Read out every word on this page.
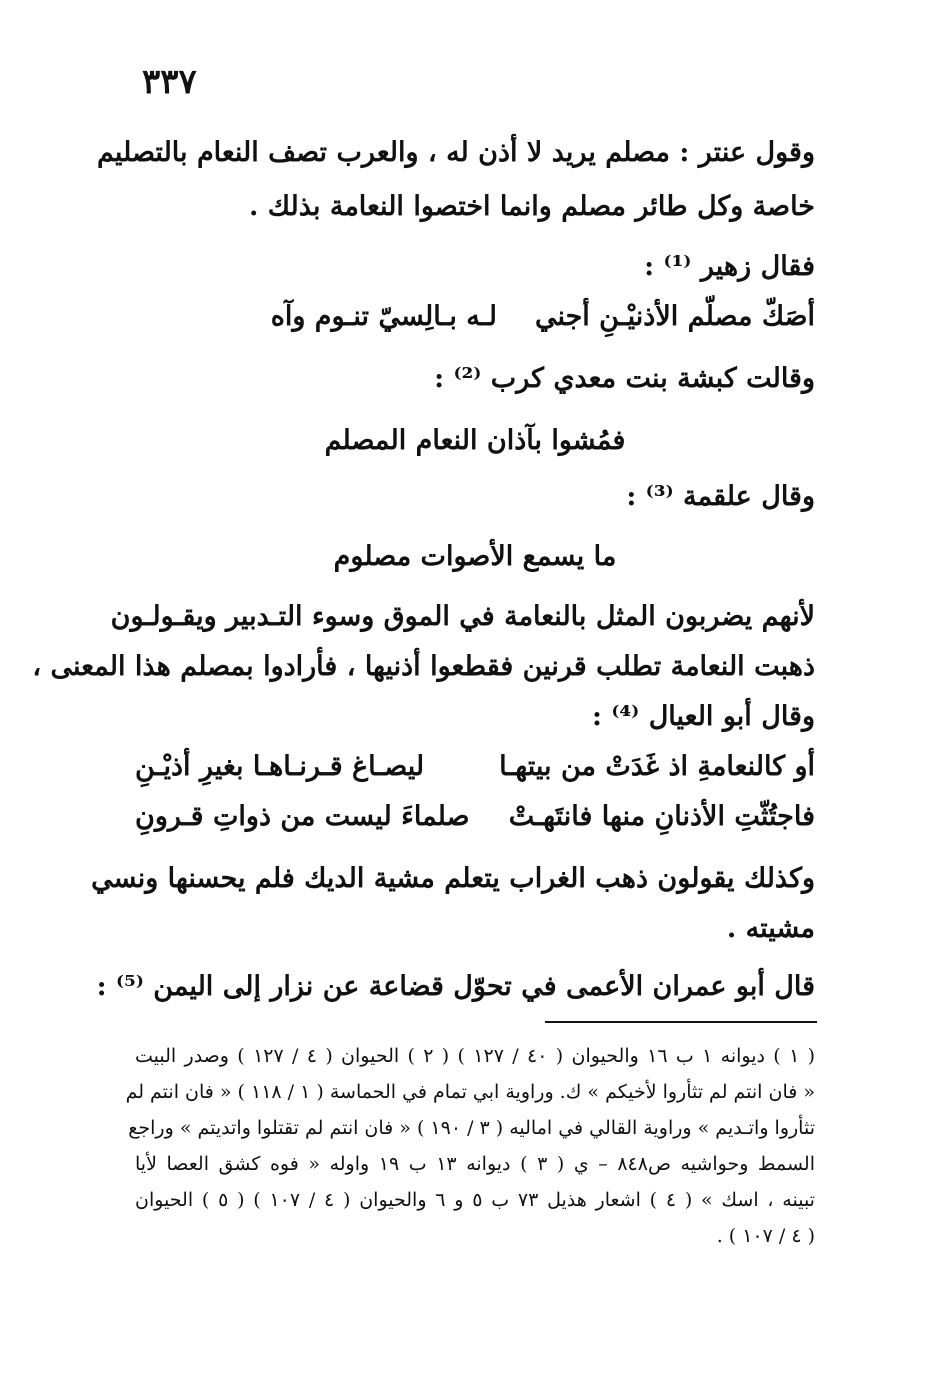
٣٣٧
وقول عنتر : مصلم يريد لا أذن له ، والعرب تصف النعام بالتصليم
خاصة وكل طائر مصلم وانما اختصوا النعامة بذلك .
فقال زهير ⁽¹⁾ :
أصَكّ مصلّم الأذنيْـنِ أجني
لـه بـالِسيّ تنـوم وآه
وقالت كبشة بنت معدي كرب ⁽²⁾ :
فمُشوا بآذان النعام المصلم
وقال علقمة ⁽³⁾ :
ما يسمع الأصوات مصلوم
لأنهم يضربون المثل بالنعامة في الموق وسوء التـدبير ويقـولـون
ذهبت النعامة تطلب قرنين فقطعوا أذنيها ، فأرادوا بمصلم هذا المعنى ،
وقال أبو العيال ⁽⁴⁾ :
أو كالنعامةِ اذ غَدَتْ من بيتهـا
ليصـاغ قـرنـاهـا بغيرِ أذيْـنِ
فاجتُثّتِ الأذنانِ منها فانتَهـتْ
صلماءَ ليست من ذواتِ قـرونِ
وكذلك يقولون ذهب الغراب يتعلم مشية الديك فلم يحسنها ونسي
مشيته .
قال أبو عمران الأعمى في تحوّل قضاعة عن نزار إلى اليمن ⁽⁵⁾ :
( ١ ) ديوانه ١ ب ١٦ والحيوان ( ٤٠ / ١٢٧ ) ( ٢ ) الحيوان ( ٤ / ١٢٧ ) وصدر البيت
« فان انتم لم تثأروا لأخيكم » ك. وراوية ابي تمام في الحماسة ( ١ / ١١٨ ) « فان انتم لم
تثأروا واتـديم » وراوية القالي في اماليه ( ٣ / ١٩٠ ) « فان انتم لم تقتلوا واتديتم » وراجع
السمط وحواشيه ص٨٤٨ – ي ( ٣ ) ديوانه ١٣ ب ١٩ واوله « فوه كشق العصا لأيا
تبينه ، اسك » ( ٤ ) اشعار هذيل ٧٣ ب ٥ و ٦ والحيوان ( ٤ / ١٠٧ ) ( ٥ ) الحيوان
( ٤ / ١٠٧ ) .
